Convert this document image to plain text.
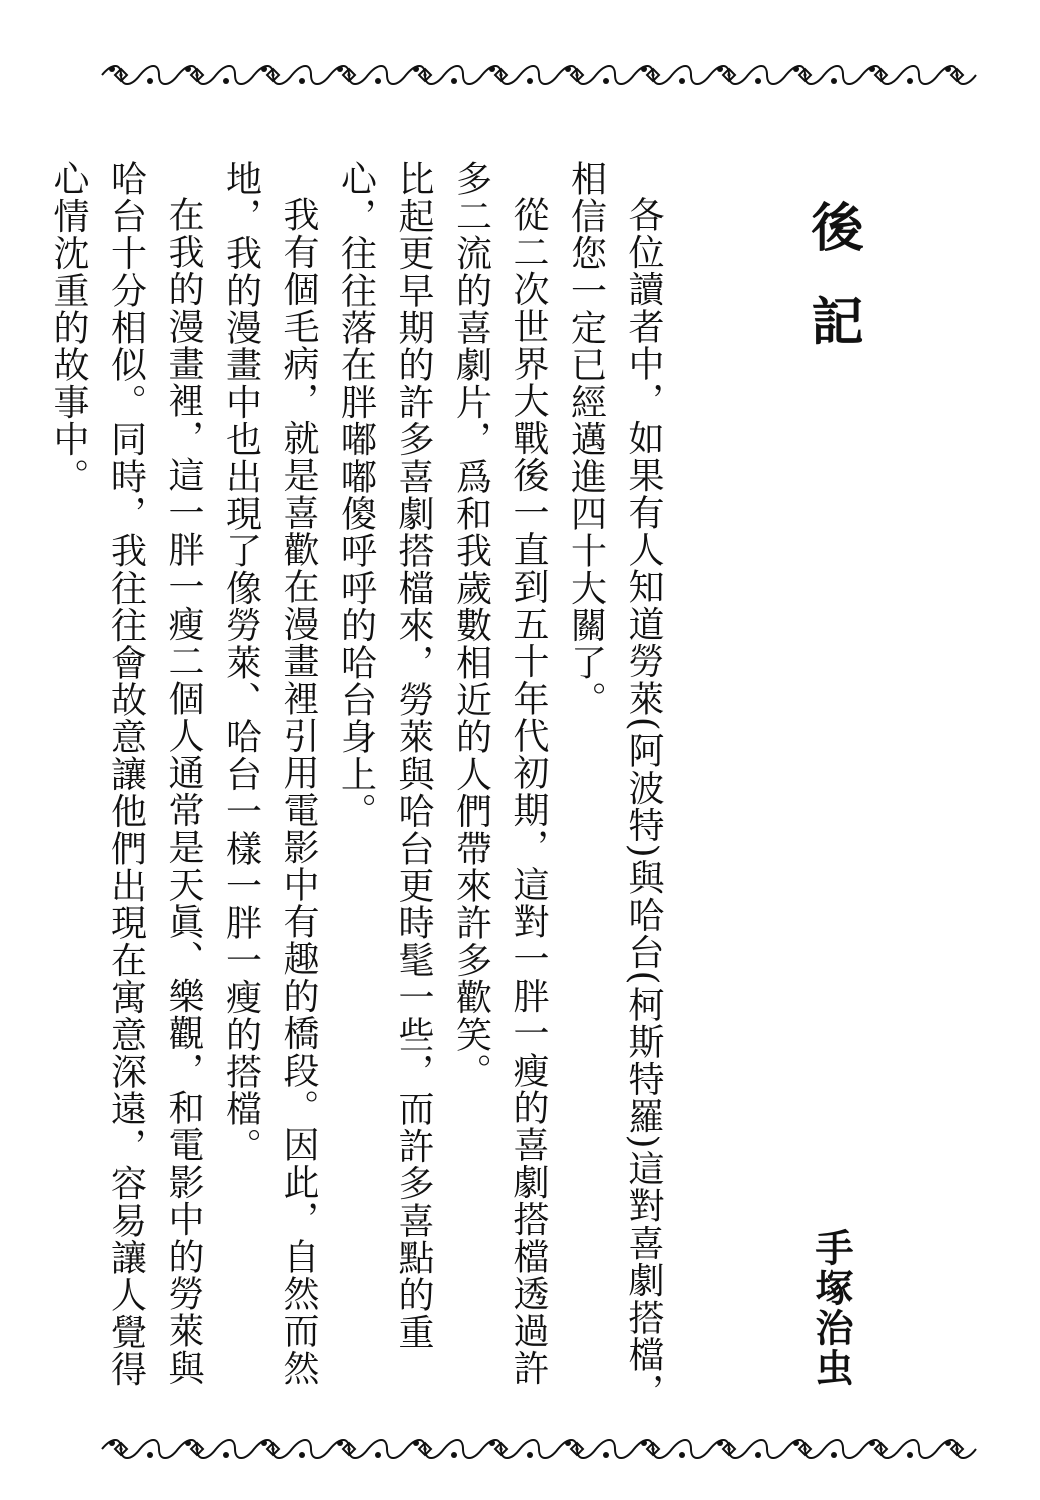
後記

各位讀者中，如果有人知道勞萊(阿波特)與哈台(柯斯特羅)這對喜劇搭檔，相信您一定已經邁進四十大關了。

從二次世界大戰後一直到五十年代初期，這對一胖一瘦的喜劇搭檔透過許多二流的喜劇片，爲和我歲數相近的人們帶來許多歡笑。

比起更早期的許多喜劇搭檔來，勞萊與哈台更時髦一些，而許多喜點的重心，往往落在胖嘟嘟傻呼呼的哈台身上。

我有個毛病，就是喜歡在漫畫裡引用電影中有趣的橋段。因此，自然而然地，我的漫畫中也出現了像勞萊、哈台一樣一胖一瘦的搭檔。

在我的漫畫裡，這一胖一瘦二個人通常是天眞、樂觀，和電影中的勞萊與哈台十分相似。同時，我往往會故意讓他們出現在寓意深遠，容易讓人覺得心情沈重的故事中。

手塚治虫
